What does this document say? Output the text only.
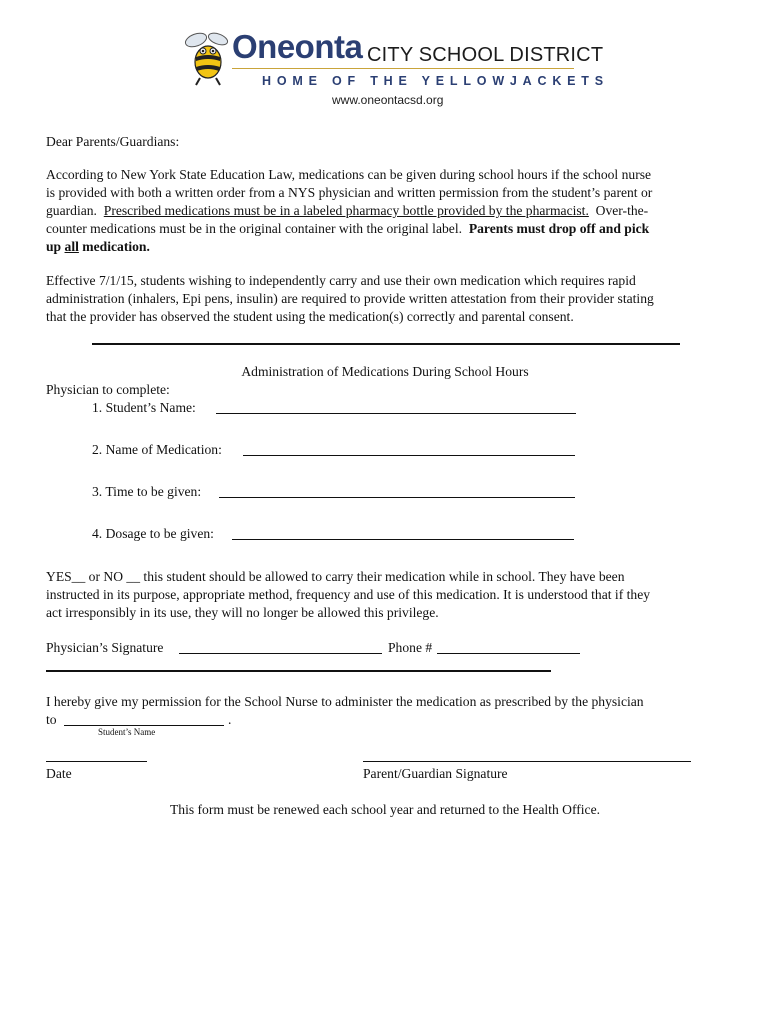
Oneonta CITY SCHOOL DISTRICT
HOME OF THE YELLOWJACKETS
www.oneontacsd.org
Dear Parents/Guardians:
According to New York State Education Law, medications can be given during school hours if the school nurse
is provided with both a written order from a NYS physician and written permission from the student’s parent or
guardian. Prescribed medications must be in a labeled pharmacy bottle provided by the pharmacist. Over-the-
counter medications must be in the original container with the original label. Parents must drop off and pick
up all medication.
Effective 7/1/15, students wishing to independently carry and use their own medication which requires rapid
administration (inhalers, Epi pens, insulin) are required to provide written attestation from their provider stating
that the provider has observed the student using the medication(s) correctly and parental consent.
Administration of Medications During School Hours
Physician to complete:
1. Student’s Name:
2. Name of Medication:
3. Time to be given:
4. Dosage to be given:
YES__ or NO __ this student should be allowed to carry their medication while in school. They have been
instructed in its purpose, appropriate method, frequency and use of this medication. It is understood that if they
act irresponsibly in its use, they will no longer be allowed this privilege.
Physician’s Signature	Phone #
I hereby give my permission for the School Nurse to administer the medication as prescribed by the physician
to	.
Student’s Name
Date	Parent/Guardian Signature
This form must be renewed each school year and returned to the Health Office.
